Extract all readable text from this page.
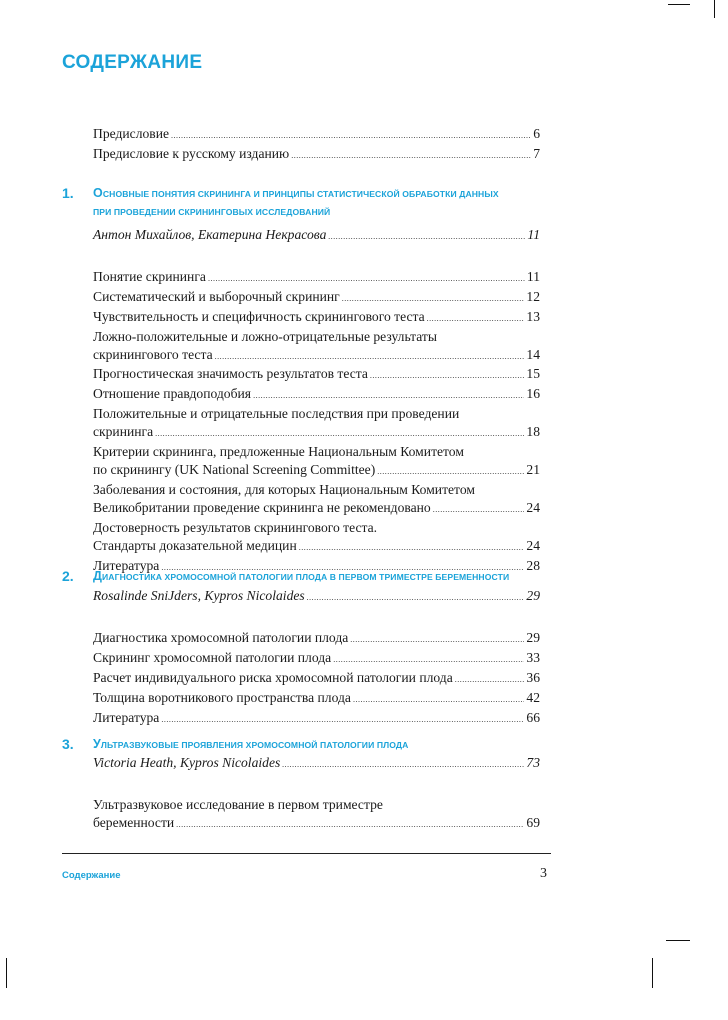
СОДЕРЖАНИЕ
Предисловие .....	6
Предисловие к русскому изданию .....	7
1. ОСНОВНЫЕ ПОНЯТИЯ СКРИНИНГА И ПРИНЦИПЫ СТАТИСТИЧЕСКОЙ ОБРАБОТКИ ДАННЫХ
ПРИ ПРОВЕДЕНИИ СКРИНИНГОВЫХ ИССЛЕДОВАНИЙ
Антон Михайлов, Екатерина Некрасова .....	11
Понятие скрининга .....	11
Систематический и выборочный скрининг .....	12
Чувствительность и специфичность скринингового теста .....	13
Ложно-положительные и ложно-отрицательные результаты
скринингового теста .....	14
Прогностическая значимость результатов теста .....	15
Отношение правдоподобия .....	16
Положительные и отрицательные последствия при проведении
скрининга .....	18
Критерии скрининга, предложенные Национальным Комитетом
по скринингу (UK National Screening Committee) .....	21
Заболевания и состояния, для которых Национальным Комитетом
Великобритании проведение скрининга не рекомендовано .....	24
Достоверность результатов скринингового теста.
Стандарты доказательной медицин .....	24
Литература .....	28
2. ДИАГНОСТИКА ХРОМОСОМНОЙ ПАТОЛОГИИ ПЛОДА В ПЕРВОМ ТРИМЕСТРЕ БЕРЕМЕННОСТИ
Rosalinde SniJders, Kypros Nicolaides .....	29
Диагностика хромосомной патологии плода .....	29
Скрининг хромосомной патологии плода .....	33
Расчет индивидуального риска хромосомной патологии плода .....	36
Толщина воротникового пространства плода .....	42
Литература .....	66
3. УЛЬТРАЗВУКОВЫЕ ПРОЯВЛЕНИЯ ХРОМОСОМНОЙ ПАТОЛОГИИ ПЛОДА
Victoria Heath, Kypros Nicolaides .....	73
Ультразвуковое исследование в первом триместре
беременности .....	69
Содержание	3
